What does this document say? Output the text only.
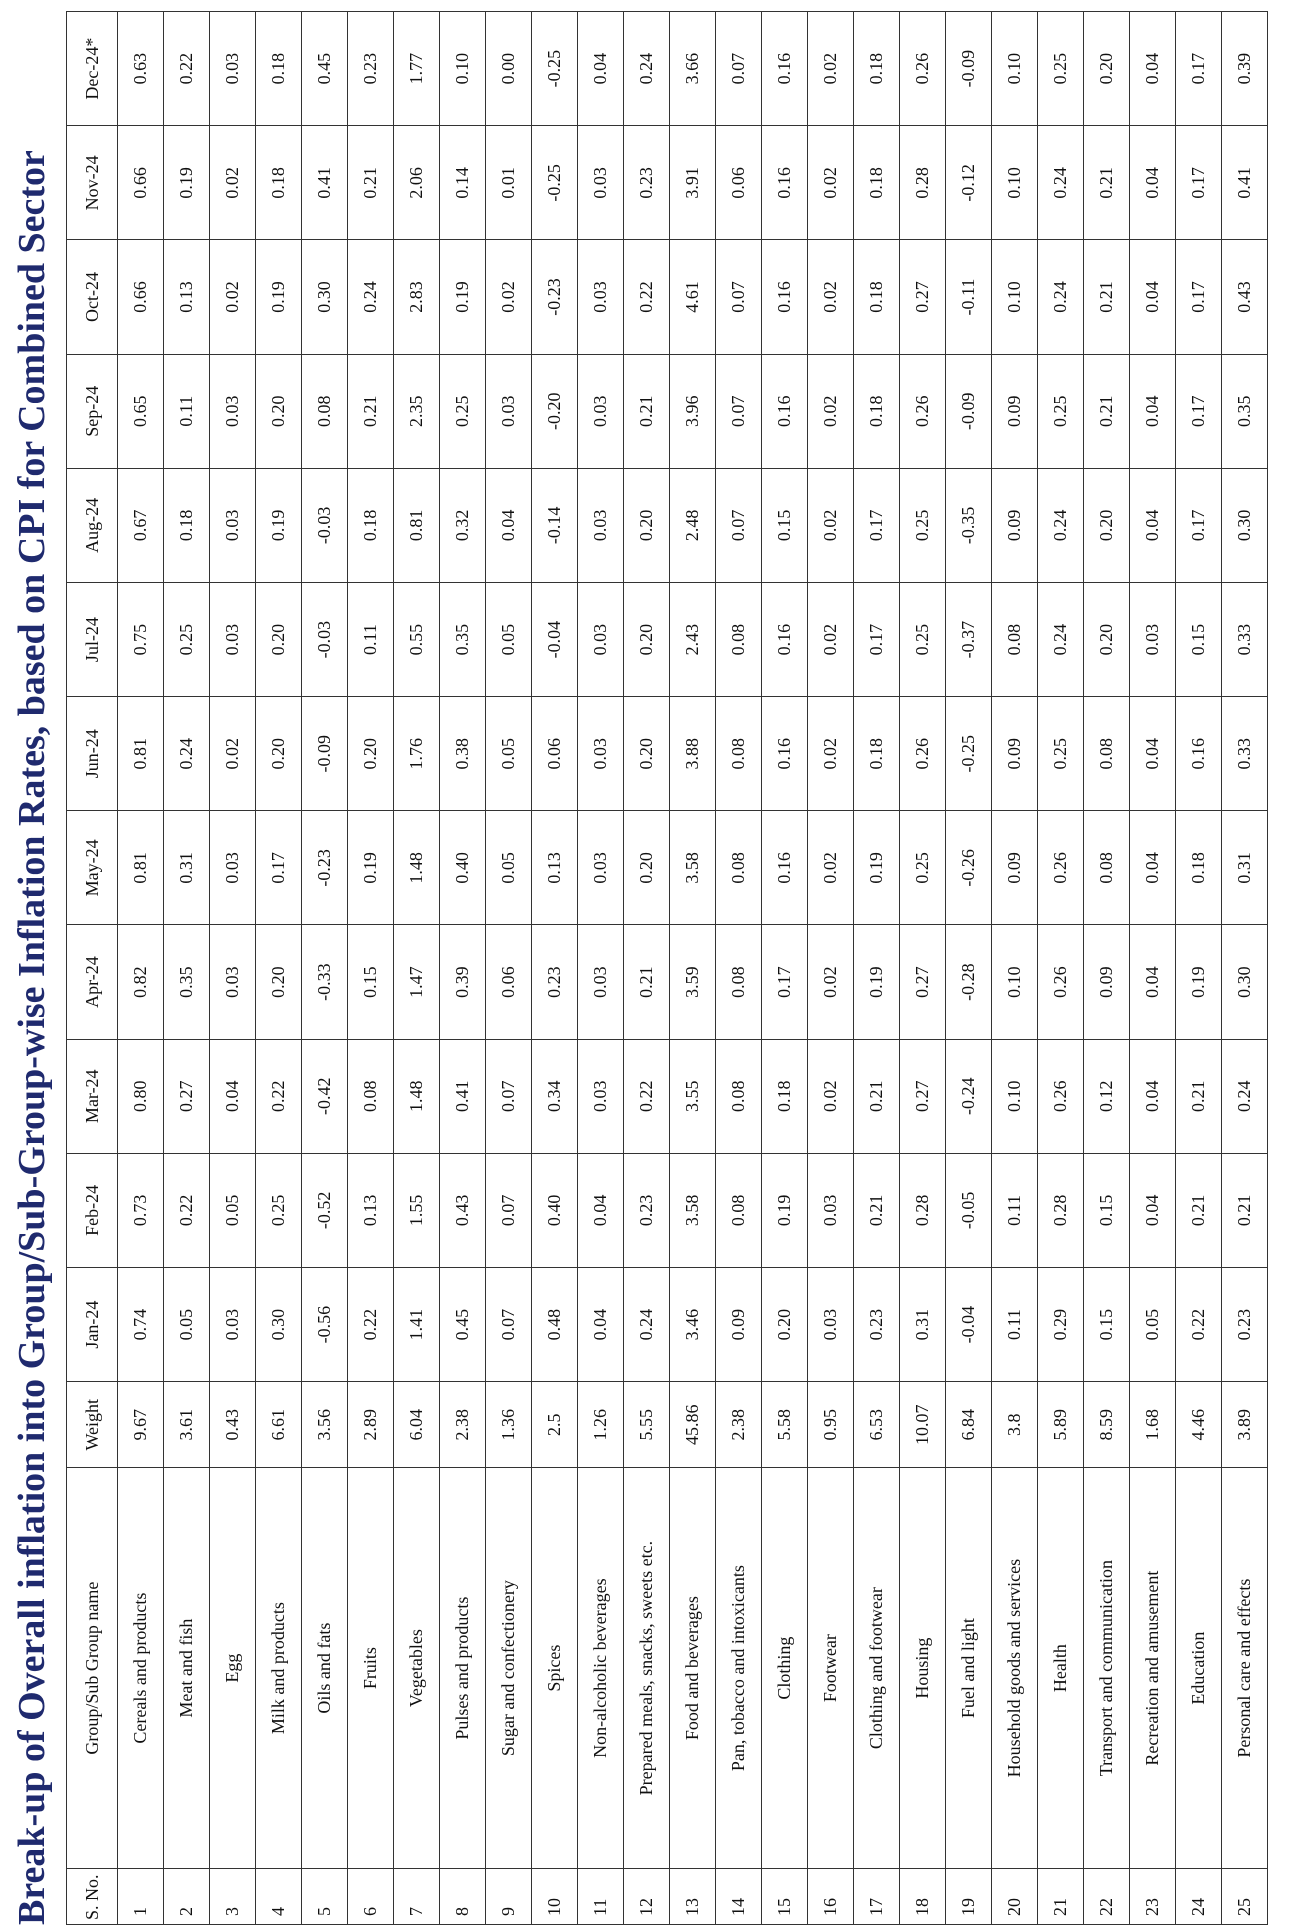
Break-up of Overall inflation into Group/Sub-Group-wise Inflation Rates, based on CPI for Combined Sector	S. No.	Group/Sub Group name	Weight	Jan-24	Feb-24	Mar-24	Apr-24	May-24	Jun-24	Jul-24	Aug-24	Sep-24	Oct-24	Nov-24	Dec-24*
1	Cereals and products	9.67	0.74	0.73	0.80	0.82	0.81	0.81	0.75	0.67	0.65	0.66	0.66	0.63
2	Meat and fish	3.61	0.05	0.22	0.27	0.35	0.31	0.24	0.25	0.18	0.11	0.13	0.19	0.22
3	Egg	0.43	0.03	0.05	0.04	0.03	0.03	0.02	0.03	0.03	0.03	0.02	0.02	0.03
4	Milk and products	6.61	0.30	0.25	0.22	0.20	0.17	0.20	0.20	0.19	0.20	0.19	0.18	0.18
5	Oils and fats	3.56	-0.56	-0.52	-0.42	-0.33	-0.23	-0.09	-0.03	-0.03	0.08	0.30	0.41	0.45
6	Fruits	2.89	0.22	0.13	0.08	0.15	0.19	0.20	0.11	0.18	0.21	0.24	0.21	0.23
7	Vegetables	6.04	1.41	1.55	1.48	1.47	1.48	1.76	0.55	0.81	2.35	2.83	2.06	1.77
8	Pulses and products	2.38	0.45	0.43	0.41	0.39	0.40	0.38	0.35	0.32	0.25	0.19	0.14	0.10
9	Sugar and confectionery	1.36	0.07	0.07	0.07	0.06	0.05	0.05	0.05	0.04	0.03	0.02	0.01	0.00
10	Spices	2.5	0.48	0.40	0.34	0.23	0.13	0.06	-0.04	-0.14	-0.20	-0.23	-0.25	-0.25
11	Non-alcoholic beverages	1.26	0.04	0.04	0.03	0.03	0.03	0.03	0.03	0.03	0.03	0.03	0.03	0.04
12	Prepared meals, snacks, sweets etc.	5.55	0.24	0.23	0.22	0.21	0.20	0.20	0.20	0.20	0.21	0.22	0.23	0.24
13	Food and beverages	45.86	3.46	3.58	3.55	3.59	3.58	3.88	2.43	2.48	3.96	4.61	3.91	3.66
14	Pan, tobacco and intoxicants	2.38	0.09	0.08	0.08	0.08	0.08	0.08	0.08	0.07	0.07	0.07	0.06	0.07
15	Clothing	5.58	0.20	0.19	0.18	0.17	0.16	0.16	0.16	0.15	0.16	0.16	0.16	0.16
16	Footwear	0.95	0.03	0.03	0.02	0.02	0.02	0.02	0.02	0.02	0.02	0.02	0.02	0.02
17	Clothing and footwear	6.53	0.23	0.21	0.21	0.19	0.19	0.18	0.17	0.17	0.18	0.18	0.18	0.18
18	Housing	10.07	0.31	0.28	0.27	0.27	0.25	0.26	0.25	0.25	0.26	0.27	0.28	0.26
19	Fuel and light	6.84	-0.04	-0.05	-0.24	-0.28	-0.26	-0.25	-0.37	-0.35	-0.09	-0.11	-0.12	-0.09
20	Household goods and services	3.8	0.11	0.11	0.10	0.10	0.09	0.09	0.08	0.09	0.09	0.10	0.10	0.10
21	Health	5.89	0.29	0.28	0.26	0.26	0.26	0.25	0.24	0.24	0.25	0.24	0.24	0.25
22	Transport and communication	8.59	0.15	0.15	0.12	0.09	0.08	0.08	0.20	0.20	0.21	0.21	0.21	0.20
23	Recreation and amusement	1.68	0.05	0.04	0.04	0.04	0.04	0.04	0.03	0.04	0.04	0.04	0.04	0.04
24	Education	4.46	0.22	0.21	0.21	0.19	0.18	0.16	0.15	0.17	0.17	0.17	0.17	0.17
25	Personal care and effects	3.89	0.23	0.21	0.24	0.30	0.31	0.33	0.33	0.30	0.35	0.43	0.41	0.39
